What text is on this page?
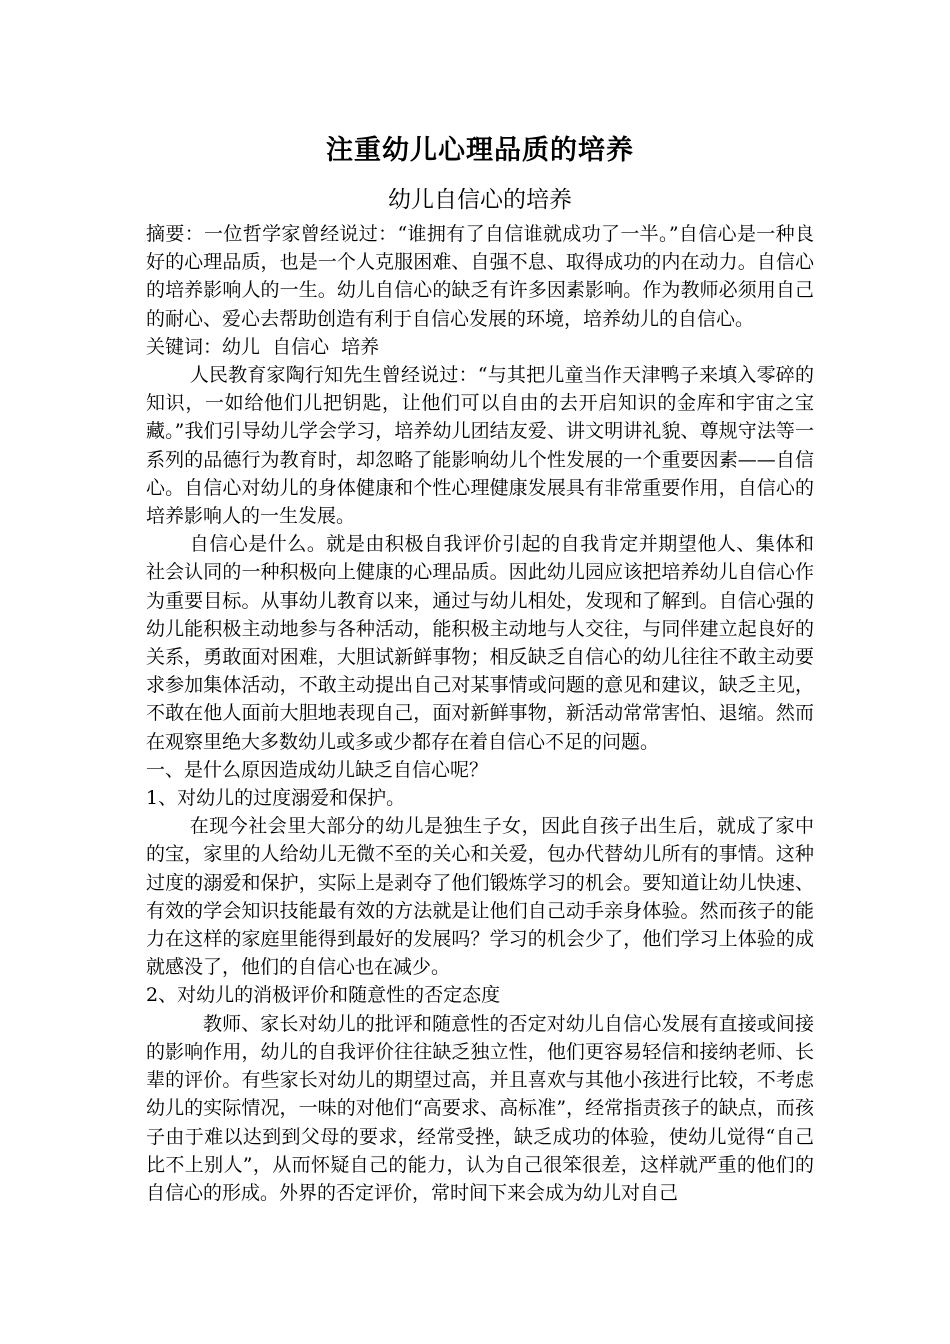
注重幼儿心理品质的培养
幼儿自信心的培养

摘要：一位哲学家曾经说过：“谁拥有了自信谁就成功了一半。”自信心是一种良好的心理品质，也是一个人克服困难、自强不息、取得成功的内在动力。自信心的培养影响人的一生。幼儿自信心的缺乏有许多因素影响。作为教师必须用自己的耐心、爱心去帮助创造有利于自信心发展的环境，培养幼儿的自信心。

关键词：幼儿  自信心  培养

人民教育家陶行知先生曾经说过：“与其把儿童当作天津鸭子来填入零碎的知识，一如给他们儿把钥匙，让他们可以自由的去开启知识的金库和宇宙之宝藏。”我们引导幼儿学会学习，培养幼儿团结友爱、讲文明讲礼貌、尊规守法等一系列的品德行为教育时，却忽略了能影响幼儿个性发展的一个重要因素——自信心。自信心对幼儿的身体健康和个性心理健康发展具有非常重要作用，自信心的培养影响人的一生发展。

自信心是什么。就是由积极自我评价引起的自我肯定并期望他人、集体和社会认同的一种积极向上健康的心理品质。因此幼儿园应该把培养幼儿自信心作为重要目标。从事幼儿教育以来，通过与幼儿相处，发现和了解到。自信心强的幼儿能积极主动地参与各种活动，能积极主动地与人交往，与同伴建立起良好的关系，勇敢面对困难，大胆试新鲜事物；相反缺乏自信心的幼儿往往不敢主动要求参加集体活动，不敢主动提出自己对某事情或问题的意见和建议，缺乏主见，不敢在他人面前大胆地表现自己，面对新鲜事物，新活动常常害怕、退缩。然而在观察里绝大多数幼儿或多或少都存在着自信心不足的问题。

一、是什么原因造成幼儿缺乏自信心呢？

1、对幼儿的过度溺爱和保护。

在现今社会里大部分的幼儿是独生子女，因此自孩子出生后，就成了家中的宝，家里的人给幼儿无微不至的关心和关爱，包办代替幼儿所有的事情。这种过度的溺爱和保护，实际上是剥夺了他们锻炼学习的机会。要知道让幼儿快速、有效的学会知识技能最有效的方法就是让他们自己动手亲身体验。然而孩子的能力在这样的家庭里能得到最好的发展吗？学习的机会少了，他们学习上体验的成就感没了，他们的自信心也在减少。

2、对幼儿的消极评价和随意性的否定态度

教师、家长对幼儿的批评和随意性的否定对幼儿自信心发展有直接或间接的影响作用，幼儿的自我评价往往缺乏独立性，他们更容易轻信和接纳老师、长辈的评价。有些家长对幼儿的期望过高，并且喜欢与其他小孩进行比较，不考虑幼儿的实际情况，一味的对他们“高要求、高标准”，经常指责孩子的缺点，而孩子由于难以达到到父母的要求，经常受挫，缺乏成功的体验，使幼儿觉得“自己比不上别人”，从而怀疑自己的能力，认为自己很笨很差，这样就严重的他们的自信心的形成。外界的否定评价，常时间下来会成为幼儿对自己
